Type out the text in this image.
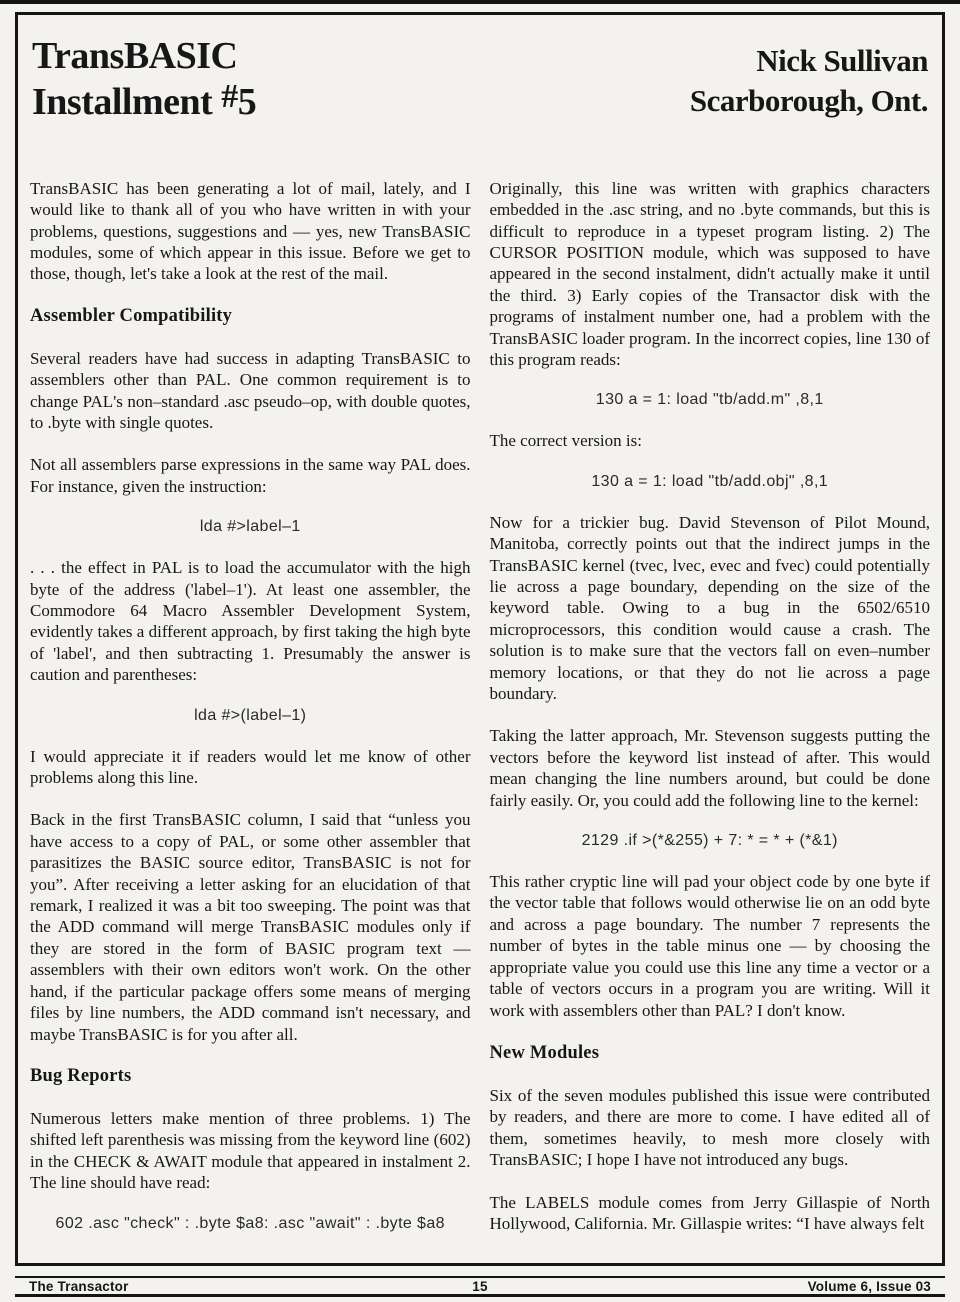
TransBASIC
Installment #5
Nick Sullivan
Scarborough, Ont.

TransBASIC has been generating a lot of mail, lately, and I would like to thank all of you who have written in with your problems, questions, suggestions and –– yes, new TransBASIC modules, some of which appear in this issue. Before we get to those, though, let's take a look at the rest of the mail.

Assembler Compatibility

Several readers have had success in adapting TransBASIC to assemblers other than PAL. One common requirement is to change PAL's non–standard .asc pseudo–op, with double quotes, to .byte with single quotes.

Not all assemblers parse expressions in the same way PAL does. For instance, given the instruction:

lda #>label–1

. . . the effect in PAL is to load the accumulator with the high byte of the address ('label–1'). At least one assembler, the Commodore 64 Macro Assembler Development System, evidently takes a different approach, by first taking the high byte of 'label', and then subtracting 1. Presumably the answer is caution and parentheses:

lda #>(label–1)

I would appreciate it if readers would let me know of other problems along this line.

Back in the first TransBASIC column, I said that “unless you have access to a copy of PAL, or some other assembler that parasitizes the BASIC source editor, TransBASIC is not for you”. After receiving a letter asking for an elucidation of that remark, I realized it was a bit too sweeping. The point was that the ADD command will merge TransBASIC modules only if they are stored in the form of BASIC program text –– assemblers with their own editors won't work. On the other hand, if the particular package offers some means of merging files by line numbers, the ADD command isn't necessary, and maybe TransBASIC is for you after all.

Bug Reports

Numerous letters make mention of three problems. 1) The shifted left parenthesis was missing from the keyword line (602) in the CHECK & AWAIT module that appeared in instalment 2. The line should have read:

602 .asc "check" : .byte $a8: .asc "await" : .byte $a8

Originally, this line was written with graphics characters embedded in the .asc string, and no .byte commands, but this is difficult to reproduce in a typeset program listing. 2) The CURSOR POSITION module, which was supposed to have appeared in the second instalment, didn't actually make it until the third. 3) Early copies of the Transactor disk with the programs of instalment number one, had a problem with the TransBASIC loader program. In the incorrect copies, line 130 of this program reads:

130 a = 1: load "tb/add.m" ,8,1

The correct version is:

130 a = 1: load "tb/add.obj" ,8,1

Now for a trickier bug. David Stevenson of Pilot Mound, Manitoba, correctly points out that the indirect jumps in the TransBASIC kernel (tvec, lvec, evec and fvec) could potentially lie across a page boundary, depending on the size of the keyword table. Owing to a bug in the 6502/6510 microprocessors, this condition would cause a crash. The solution is to make sure that the vectors fall on even–number memory locations, or that they do not lie across a page boundary.

Taking the latter approach, Mr. Stevenson suggests putting the vectors before the keyword list instead of after. This would mean changing the line numbers around, but could be done fairly easily. Or, you could add the following line to the kernel:

2129 .if >(*&255) + 7: * = * + (*&1)

This rather cryptic line will pad your object code by one byte if the vector table that follows would otherwise lie on an odd byte and across a page boundary. The number 7 represents the number of bytes in the table minus one –– by choosing the appropriate value you could use this line any time a vector or a table of vectors occurs in a program you are writing. Will it work with assemblers other than PAL? I don't know.

New Modules

Six of the seven modules published this issue were contributed by readers, and there are more to come. I have edited all of them, sometimes heavily, to mesh more closely with TransBASIC; I hope I have not introduced any bugs.

The LABELS module comes from Jerry Gillaspie of North Hollywood, California. Mr. Gillaspie writes: “I have always felt

The Transactor	15	Volume 6, Issue 03
